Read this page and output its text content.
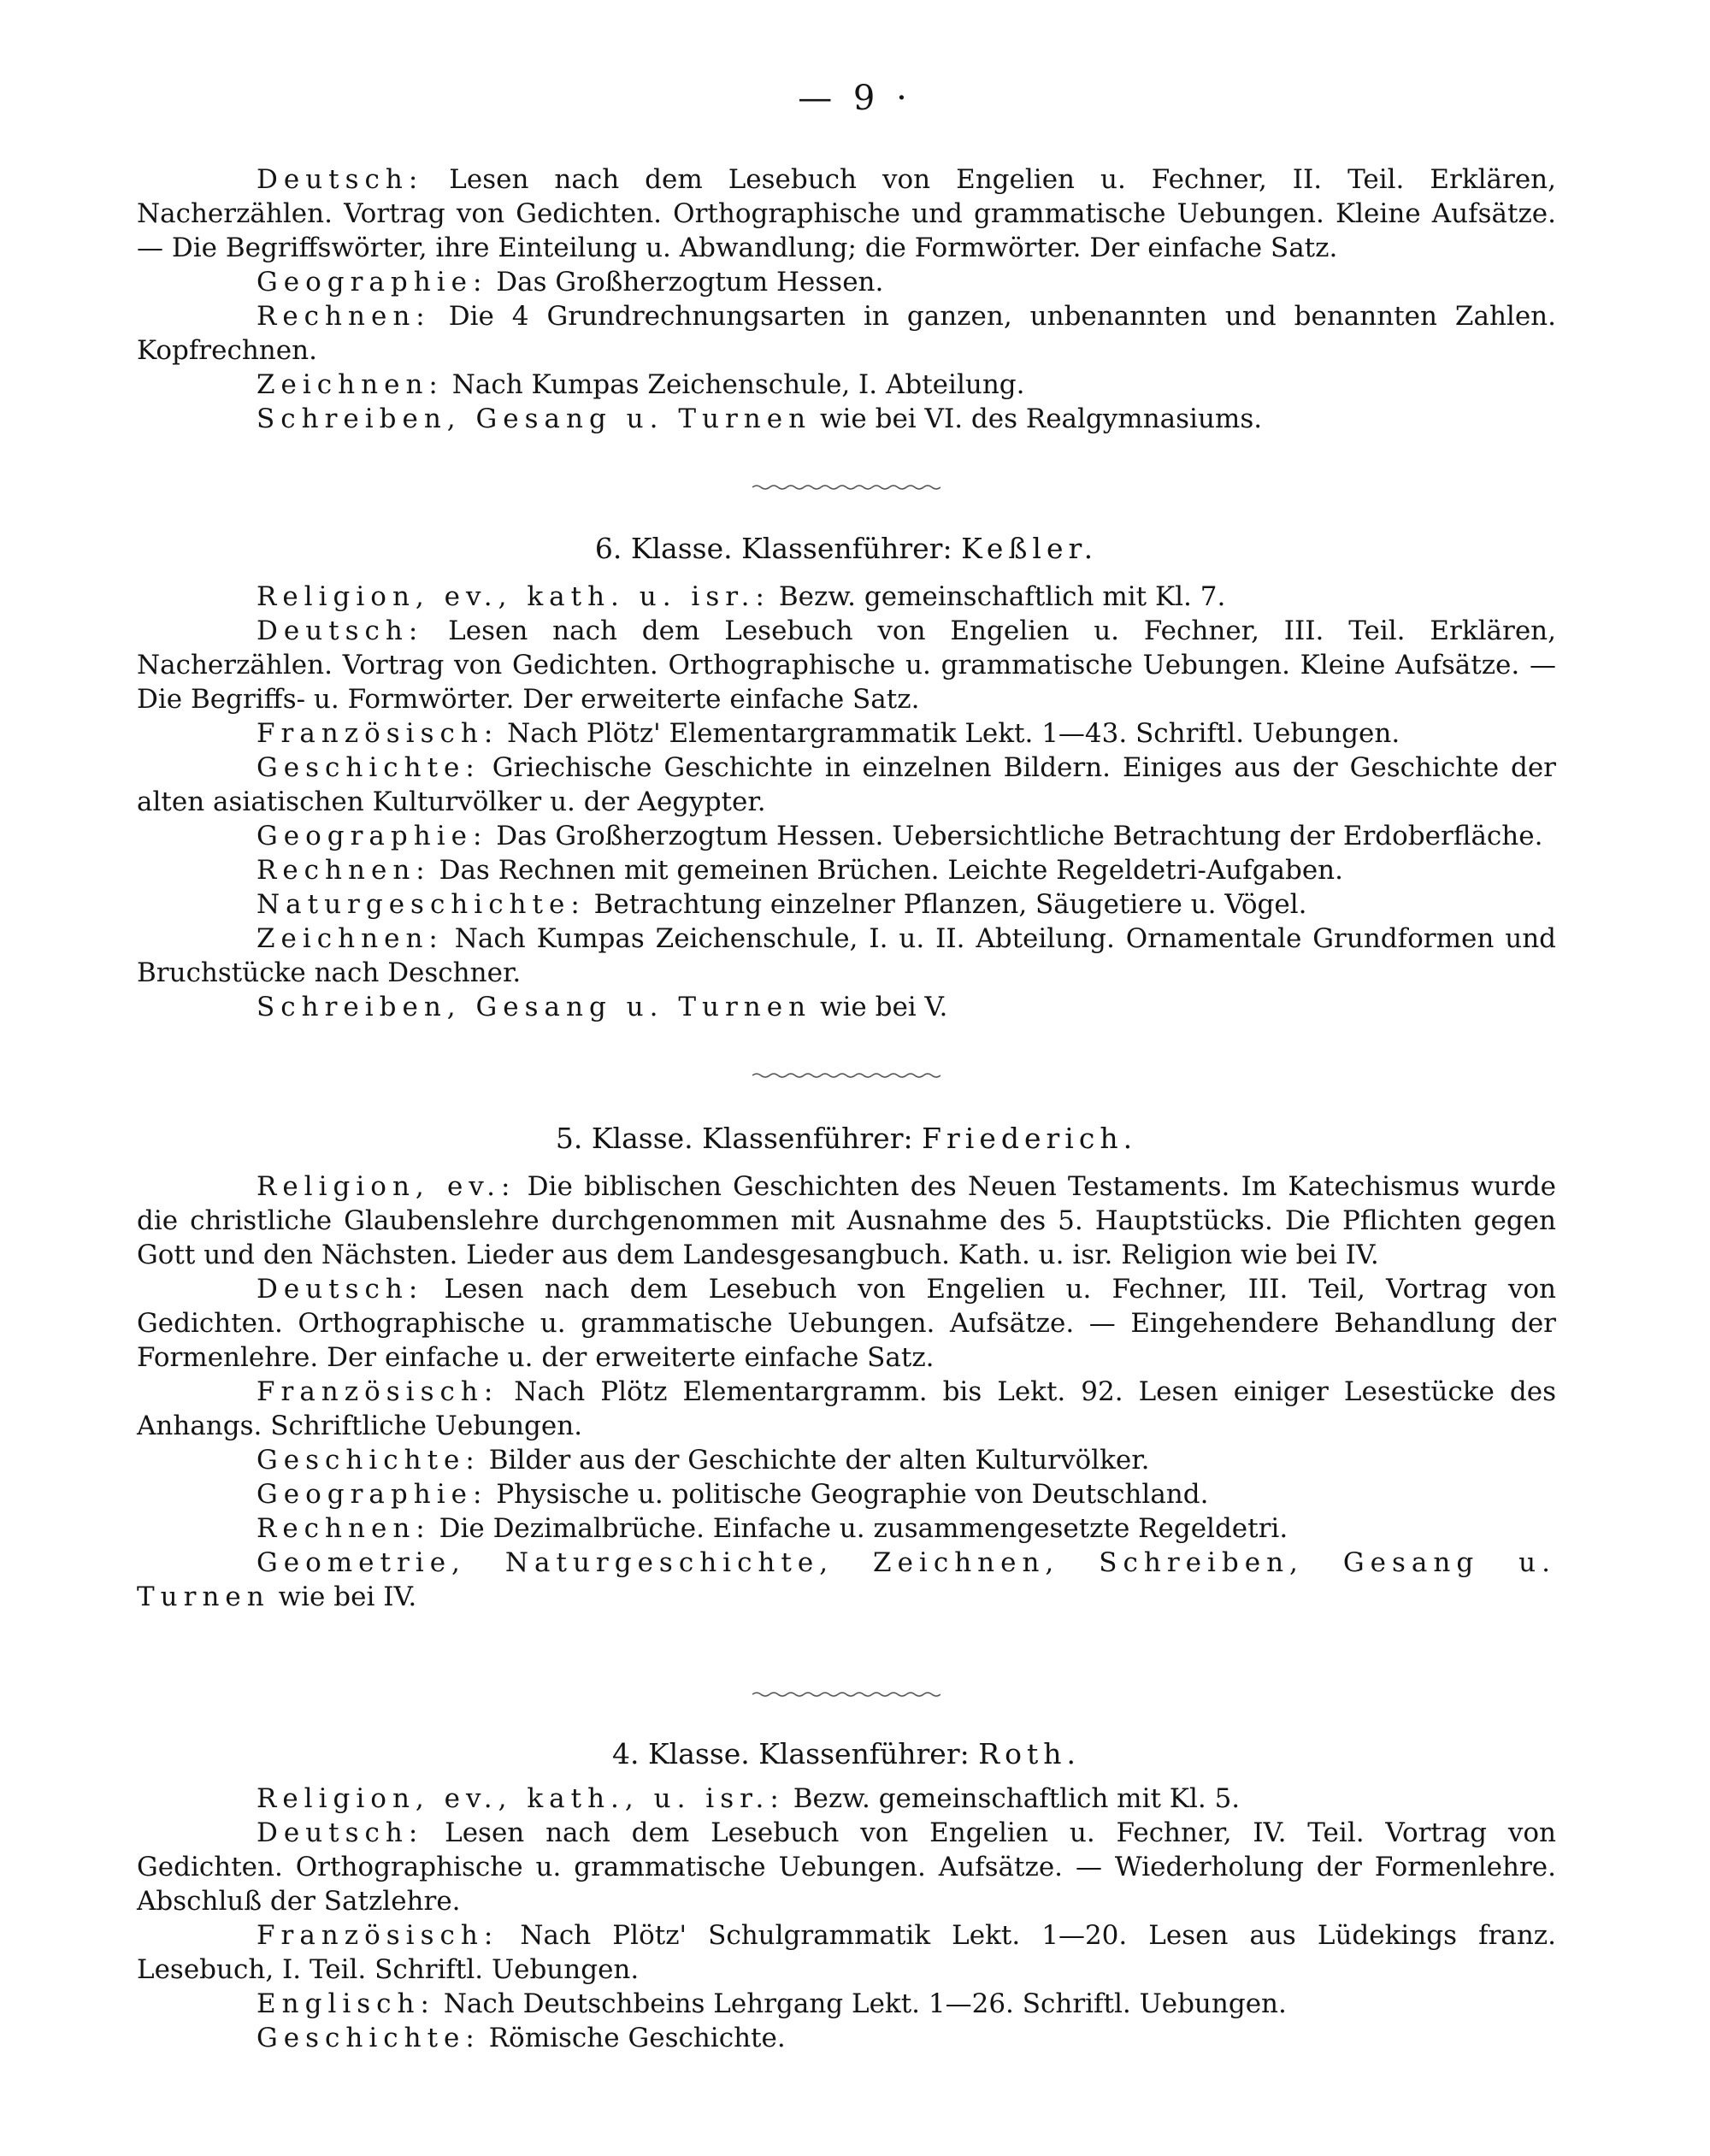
— 9 ·

Deutsch: Lesen nach dem Lesebuch von Engelien u. Fechner, II. Teil. Erklären, Nacherzählen. Vortrag von Gedichten. Orthographische und grammatische Uebungen. Kleine Aufsätze. — Die Begriffswörter, ihre Einteilung u. Abwandlung; die Formwörter. Der einfache Satz.

Geographie: Das Großherzogtum Hessen.

Rechnen: Die 4 Grundrechnungsarten in ganzen, unbenannten und benannten Zahlen. Kopfrechnen.

Zeichnen: Nach Kumpas Zeichenschule, I. Abteilung.

Schreiben, Gesang u. Turnen wie bei VI. des Realgymnasiums.

6. Klasse. Klassenführer: Keßler.

Religion, ev., kath. u. isr.: Bezw. gemeinschaftlich mit Kl. 7.

Deutsch: Lesen nach dem Lesebuch von Engelien u. Fechner, III. Teil. Erklären, Nacherzählen. Vortrag von Gedichten. Orthographische u. grammatische Uebungen. Kleine Aufsätze. — Die Begriffs- u. Formwörter. Der erweiterte einfache Satz.

Französisch: Nach Plötz' Elementargrammatik Lekt. 1—43. Schriftl. Uebungen.

Geschichte: Griechische Geschichte in einzelnen Bildern. Einiges aus der Geschichte der alten asiatischen Kulturvölker u. der Aegypter.

Geographie: Das Großherzogtum Hessen. Uebersichtliche Betrachtung der Erdoberfläche.

Rechnen: Das Rechnen mit gemeinen Brüchen. Leichte Regeldetri-Aufgaben.

Naturgeschichte: Betrachtung einzelner Pflanzen, Säugetiere u. Vögel.

Zeichnen: Nach Kumpas Zeichenschule, I. u. II. Abteilung. Ornamentale Grundformen und Bruchstücke nach Deschner.

Schreiben, Gesang u. Turnen wie bei V.

5. Klasse. Klassenführer: Friederich.

Religion, ev.: Die biblischen Geschichten des Neuen Testaments. Im Katechismus wurde die christliche Glaubenslehre durchgenommen mit Ausnahme des 5. Hauptstücks. Die Pflichten gegen Gott und den Nächsten. Lieder aus dem Landesgesangbuch. Kath. u. isr. Religion wie bei IV.

Deutsch: Lesen nach dem Lesebuch von Engelien u. Fechner, III. Teil, Vortrag von Gedichten. Orthographische u. grammatische Uebungen. Aufsätze. — Eingehendere Behandlung der Formenlehre. Der einfache u. der erweiterte einfache Satz.

Französisch: Nach Plötz Elementargramm. bis Lekt. 92. Lesen einiger Lesestücke des Anhangs. Schriftliche Uebungen.

Geschichte: Bilder aus der Geschichte der alten Kulturvölker.

Geographie: Physische u. politische Geographie von Deutschland.

Rechnen: Die Dezimalbrüche. Einfache u. zusammengesetzte Regeldetri.

Geometrie, Naturgeschichte, Zeichnen, Schreiben, Gesang u. Turnen wie bei IV.

4. Klasse. Klassenführer: Roth.

Religion, ev., kath., u. isr.: Bezw. gemeinschaftlich mit Kl. 5.

Deutsch: Lesen nach dem Lesebuch von Engelien u. Fechner, IV. Teil. Vortrag von Gedichten. Orthographische u. grammatische Uebungen. Aufsätze. — Wiederholung der Formenlehre. Abschluß der Satzlehre.

Französisch: Nach Plötz' Schulgrammatik Lekt. 1—20. Lesen aus Lüdekings franz. Lesebuch, I. Teil. Schriftl. Uebungen.

Englisch: Nach Deutschbeins Lehrgang Lekt. 1—26. Schriftl. Uebungen.

Geschichte: Römische Geschichte.
